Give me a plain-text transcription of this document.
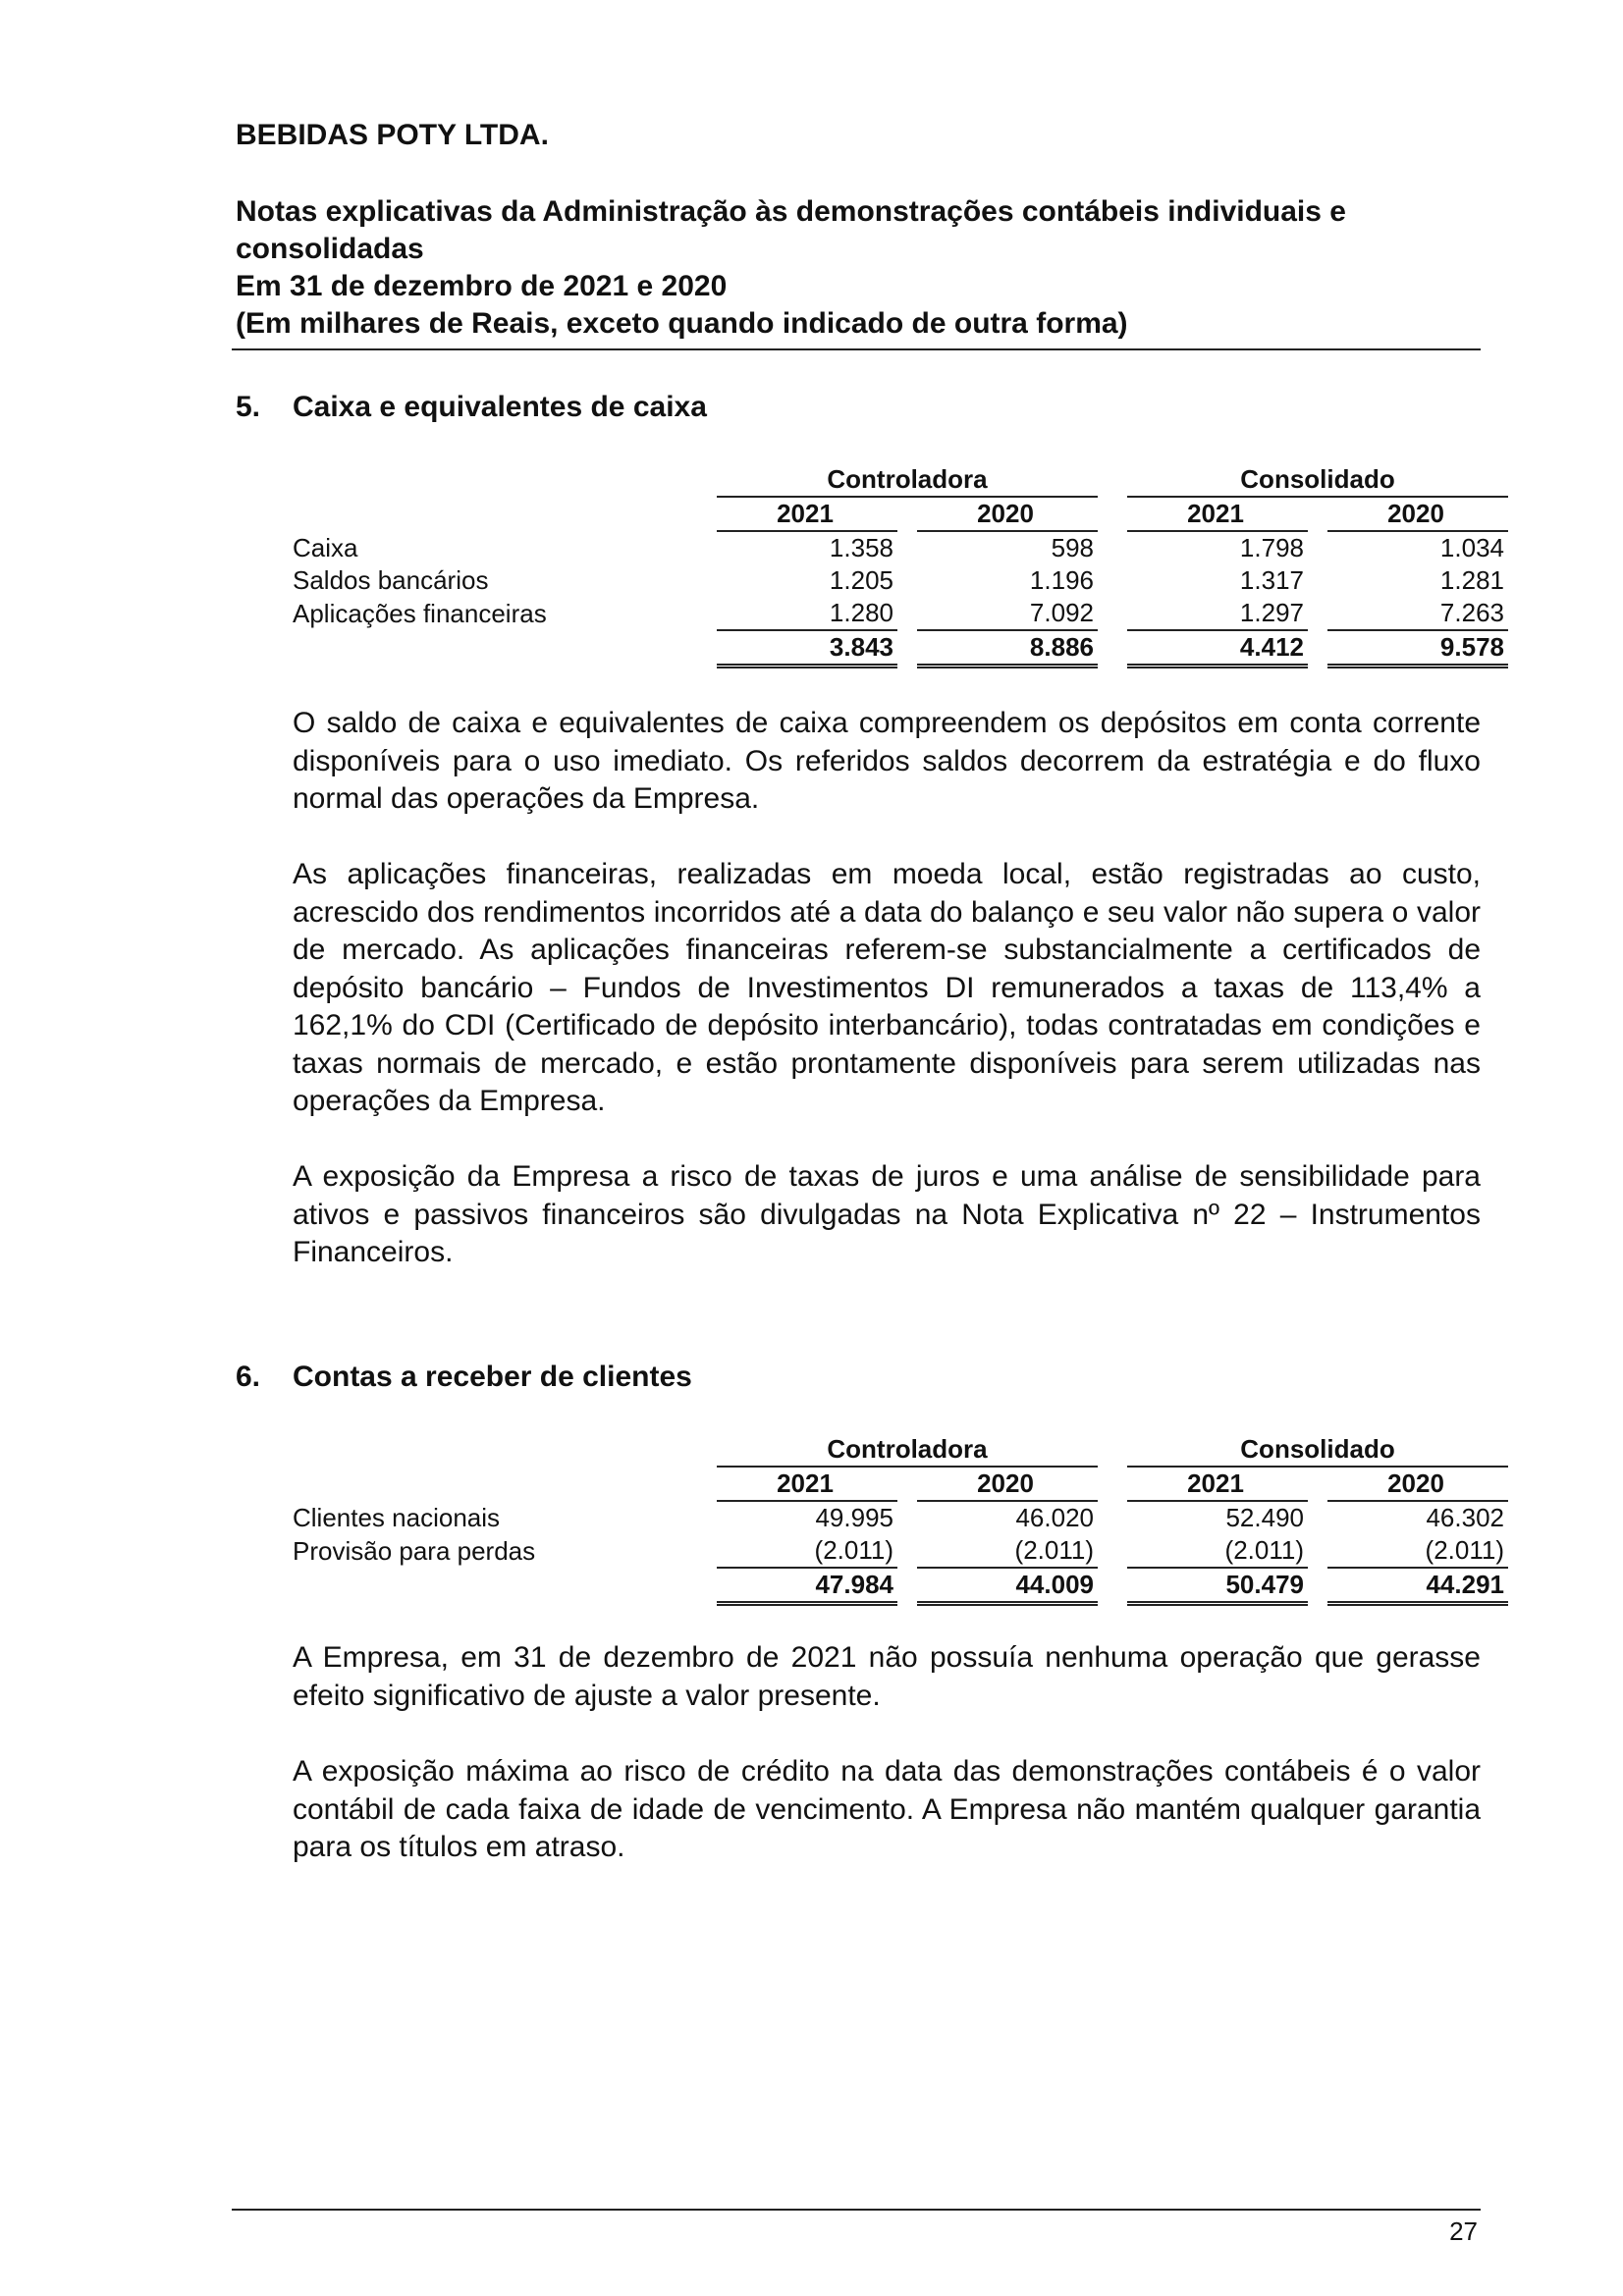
BEBIDAS POTY LTDA.
Notas explicativas da Administração às demonstrações contábeis individuais e
consolidadas
Em 31 de dezembro de 2021 e 2020
(Em milhares de Reais, exceto quando indicado de outra forma)
5. Caixa e equivalentes de caixa
	Controladora				Consolidado		
	2021		2020		2021		2020
Caixa	1.358		598		1.798		1.034
Saldos bancários	1.205		1.196		1.317		1.281
Aplicações financeiras	1.280		7.092		1.297		7.263
	3.843		8.886		4.412		9.578

O saldo de caixa e equivalentes de caixa compreendem os depósitos em conta corrente disponíveis para o uso imediato. Os referidos saldos decorrem da estratégia e do fluxo normal das operações da Empresa.

As aplicações financeiras, realizadas em moeda local, estão registradas ao custo, acrescido dos rendimentos incorridos até a data do balanço e seu valor não supera o valor de mercado. As aplicações financeiras referem-se substancialmente a certificados de depósito bancário – Fundos de Investimentos DI remunerados a taxas de 113,4% a 162,1% do CDI (Certificado de depósito interbancário), todas contratadas em condições e taxas normais de mercado, e estão prontamente disponíveis para serem utilizadas nas operações da Empresa.

A exposição da Empresa a risco de taxas de juros e uma análise de sensibilidade para ativos e passivos financeiros são divulgadas na Nota Explicativa nº 22 – Instrumentos Financeiros.

6. Contas a receber de clientes
	Controladora				Consolidado		
	2021		2020		2021		2020
Clientes nacionais	49.995		46.020		52.490		46.302
Provisão para perdas	(2.011)		(2.011)		(2.011)		(2.011)
	47.984		44.009		50.479		44.291

A Empresa, em 31 de dezembro de 2021 não possuía nenhuma operação que gerasse efeito significativo de ajuste a valor presente.

A exposição máxima ao risco de crédito na data das demonstrações contábeis é o valor contábil de cada faixa de idade de vencimento. A Empresa não mantém qualquer garantia para os títulos em atraso.

27
